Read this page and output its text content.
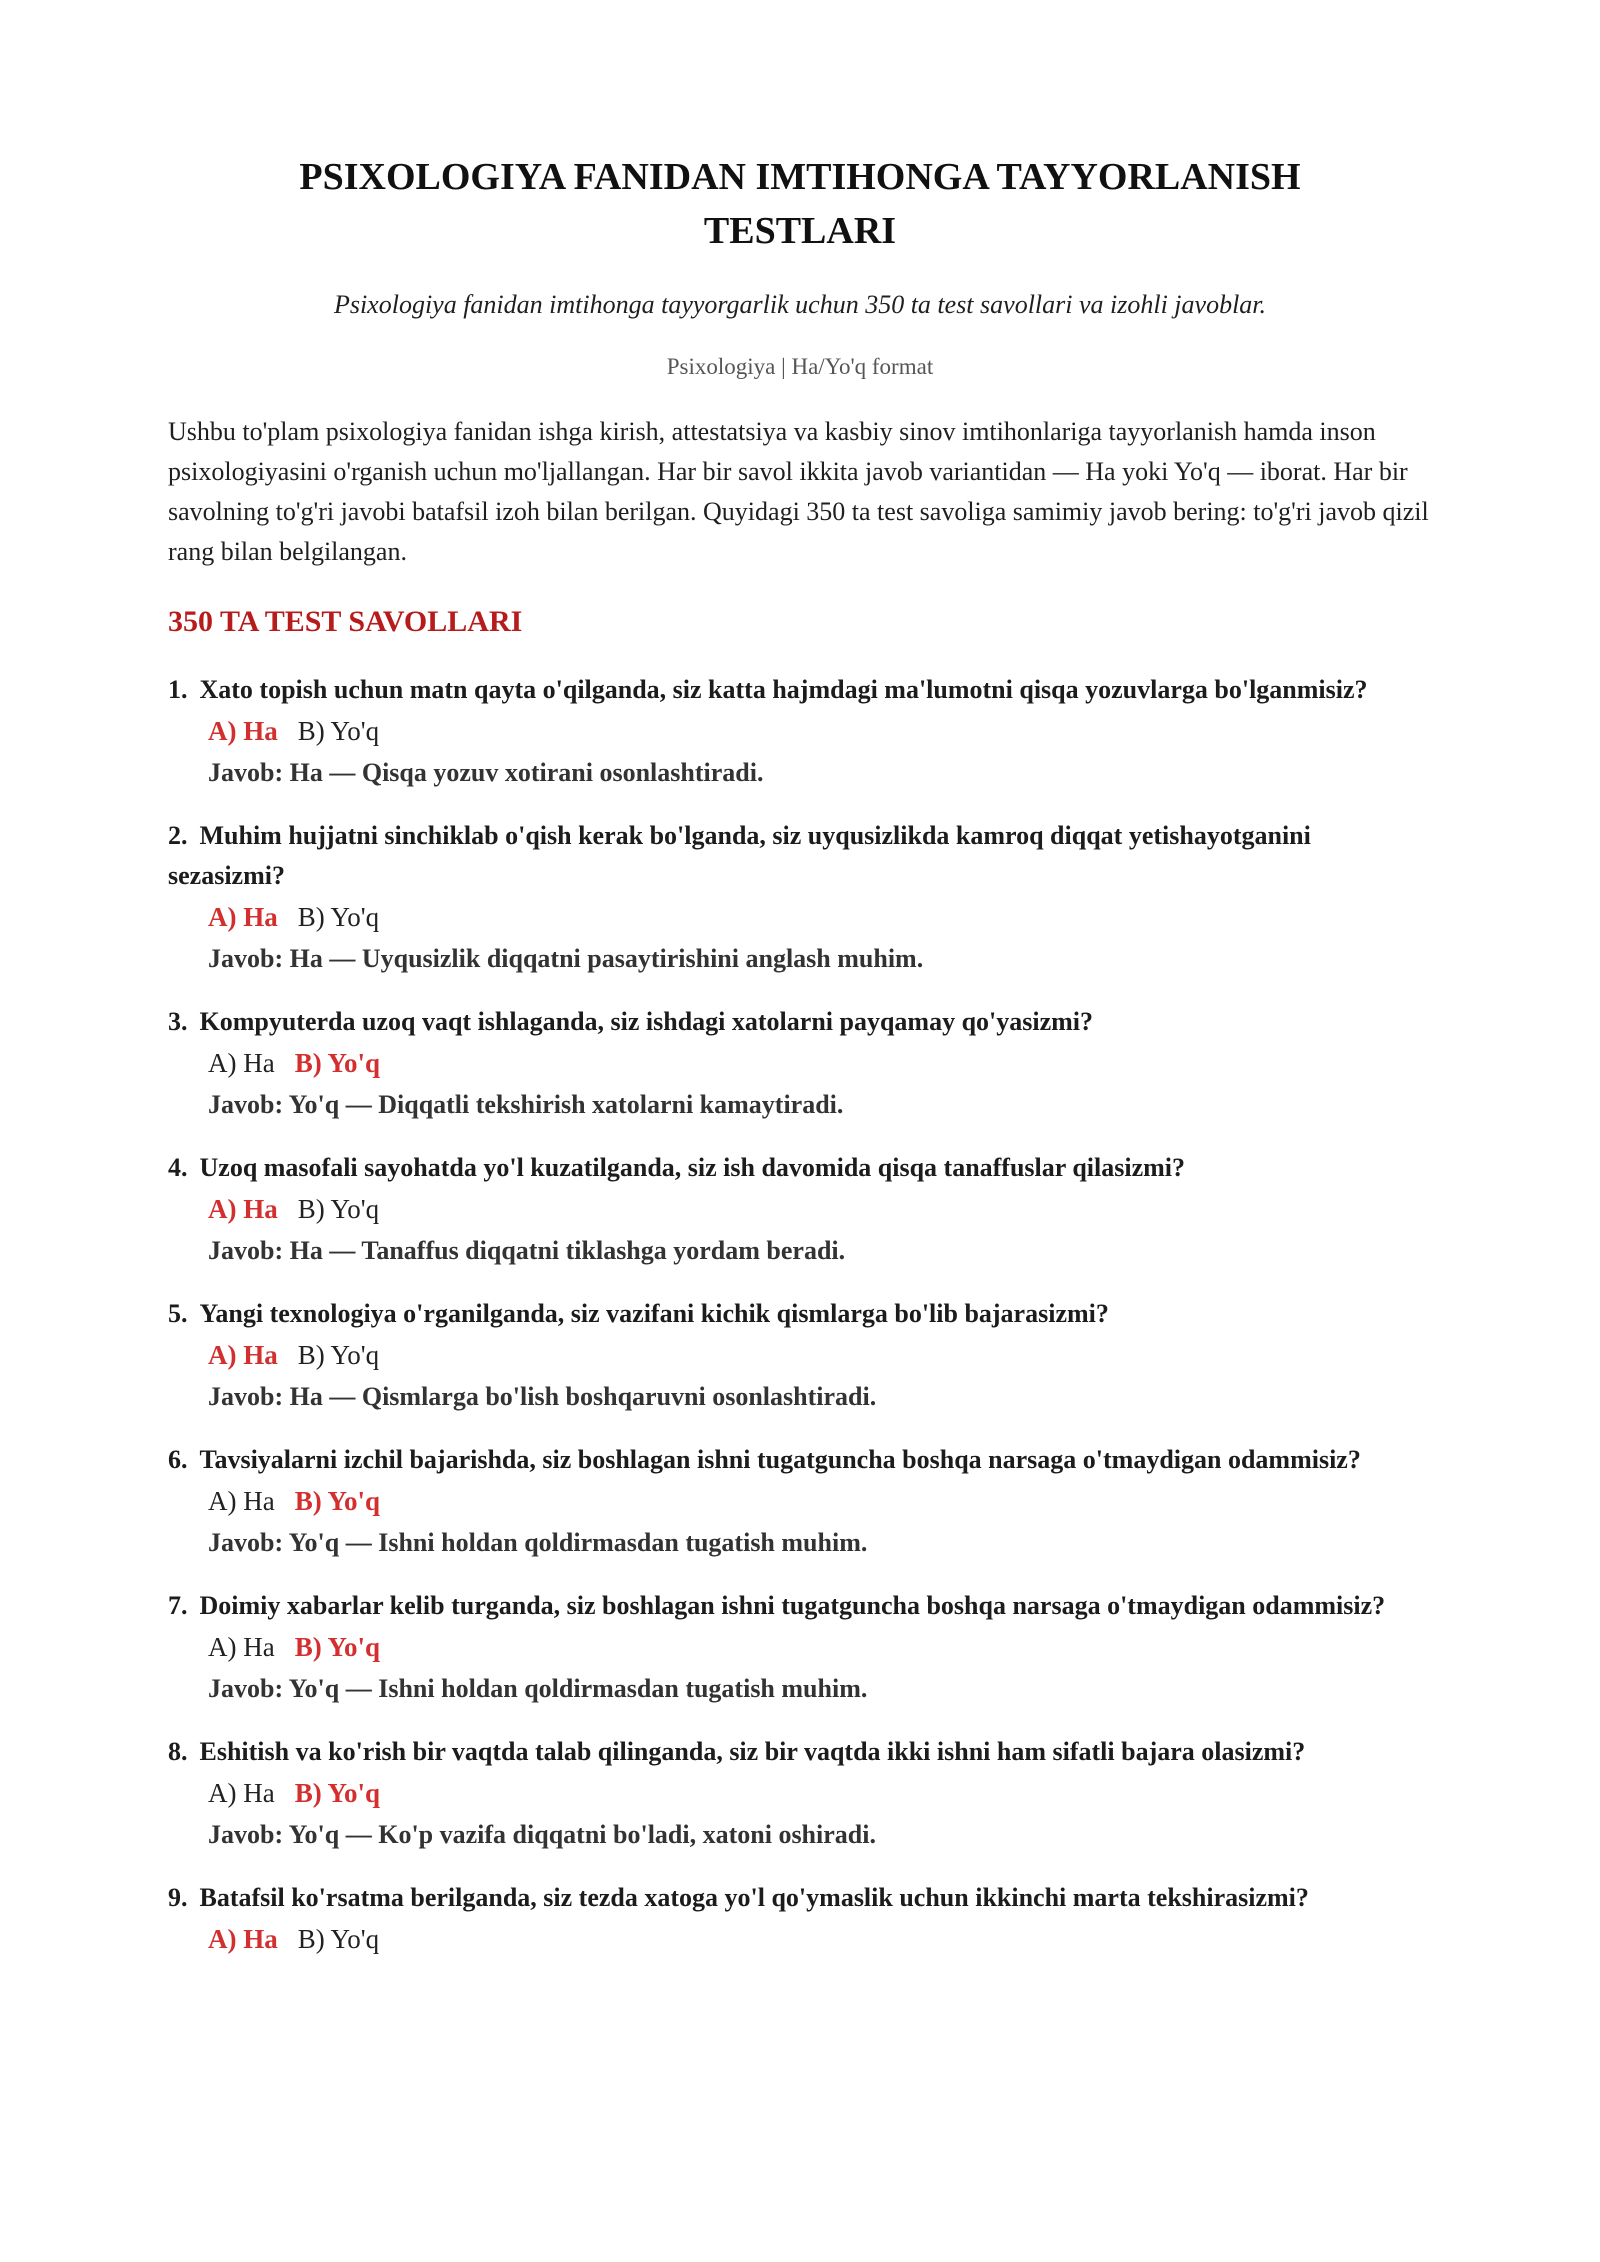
PSIXOLOGIYA FANIDAN IMTIHONGA TAYYORLANISH
TESTLARI
Psixologiya fanidan imtihonga tayyorgarlik uchun 350 ta test savollari va izohli javoblar.
Psixologiya | Ha/Yo'q format
Ushbu to'plam psixologiya fanidan ishga kirish, attestatsiya va kasbiy sinov imtihonlariga tayyorlanish hamda inson psixologiyasini o'rganish uchun mo'ljallangan. Har bir savol ikkita javob variantidan — Ha yoki Yo'q — iborat. Har bir savolning to'g'ri javobi batafsil izoh bilan berilgan. Quyidagi 350 ta test savoliga samimiy javob bering: to'g'ri javob qizil rang bilan belgilangan.
350 TA TEST SAVOLLARI
1. Xato topish uchun matn qayta o'qilganda, siz katta hajmdagi ma'lumotni qisqa yozuvlarga bo'lganmisiz?
A) Ha B) Yo'q
Javob: Ha — Qisqa yozuv xotirani osonlashtiradi.
2. Muhim hujjatni sinchiklab o'qish kerak bo'lganda, siz uyqusizlikda kamroq diqqat yetishayotganini sezasizmi?
A) Ha B) Yo'q
Javob: Ha — Uyqusizlik diqqatni pasaytirishini anglash muhim.
3. Kompyuterda uzoq vaqt ishlaganda, siz ishdagi xatolarni payqamay qo'yasizmi?
A) Ha B) Yo'q
Javob: Yo'q — Diqqatli tekshirish xatolarni kamaytiradi.
4. Uzoq masofali sayohatda yo'l kuzatilganda, siz ish davomida qisqa tanaffuslar qilasizmi?
A) Ha B) Yo'q
Javob: Ha — Tanaffus diqqatni tiklashga yordam beradi.
5. Yangi texnologiya o'rganilganda, siz vazifani kichik qismlarga bo'lib bajarasizmi?
A) Ha B) Yo'q
Javob: Ha — Qismlarga bo'lish boshqaruvni osonlashtiradi.
6. Tavsiyalarni izchil bajarishda, siz boshlagan ishni tugatguncha boshqa narsaga o'tmaydigan odammisiz?
A) Ha B) Yo'q
Javob: Yo'q — Ishni holdan qoldirmasdan tugatish muhim.
7. Doimiy xabarlar kelib turganda, siz boshlagan ishni tugatguncha boshqa narsaga o'tmaydigan odammisiz?
A) Ha B) Yo'q
Javob: Yo'q — Ishni holdan qoldirmasdan tugatish muhim.
8. Eshitish va ko'rish bir vaqtda talab qilinganda, siz bir vaqtda ikki ishni ham sifatli bajara olasizmi?
A) Ha B) Yo'q
Javob: Yo'q — Ko'p vazifa diqqatni bo'ladi, xatoni oshiradi.
9. Batafsil ko'rsatma berilganda, siz tezda xatoga yo'l qo'ymaslik uchun ikkinchi marta tekshirasizmi?
A) Ha B) Yo'q
